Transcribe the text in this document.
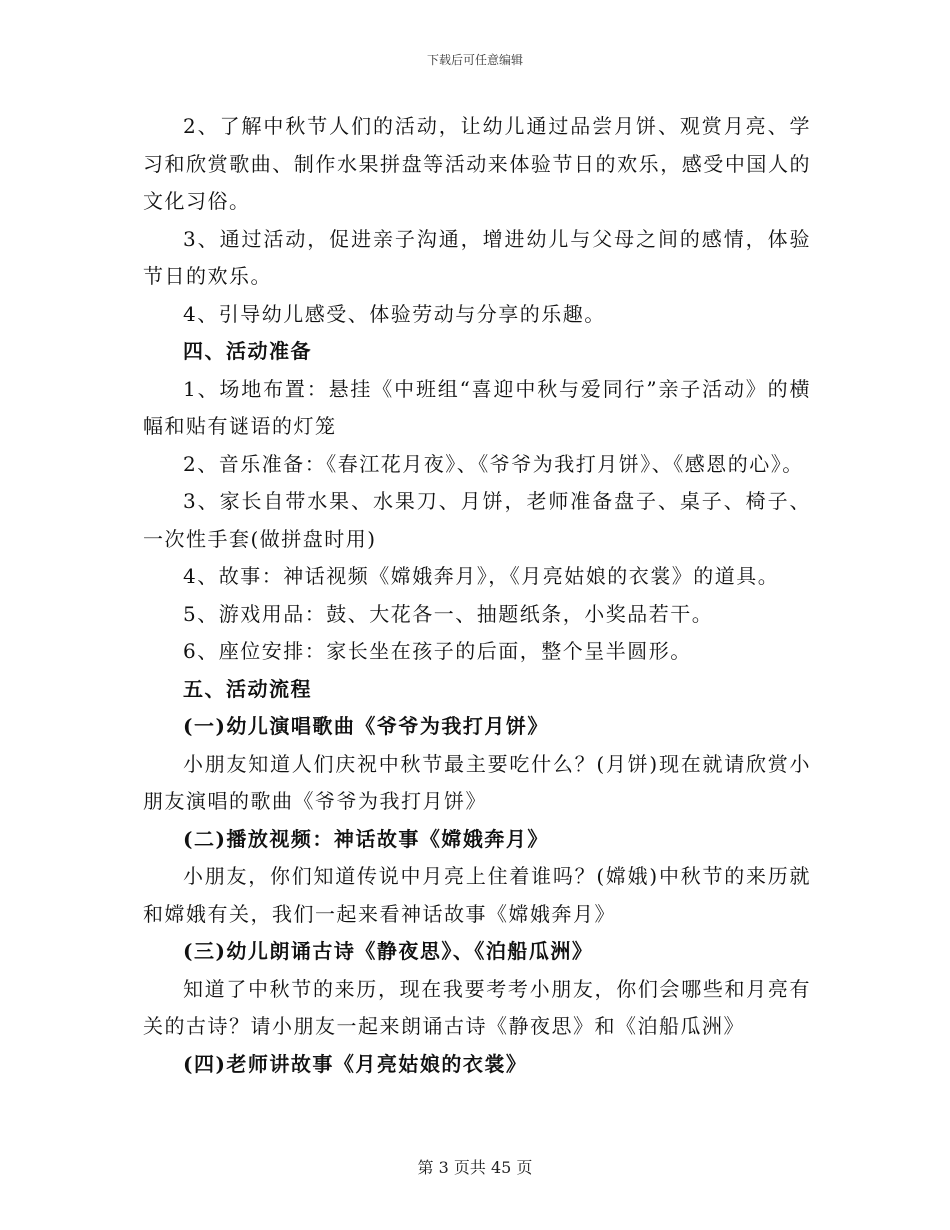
下载后可任意编辑

2、了解中秋节人们的活动，让幼儿通过品尝月饼、观赏月亮、学习和欣赏歌曲、制作水果拼盘等活动来体验节日的欢乐，感受中国人的文化习俗。

3、通过活动，促进亲子沟通，增进幼儿与父母之间的感情，体验节日的欢乐。

4、引导幼儿感受、体验劳动与分享的乐趣。

四、活动准备

1、场地布置：悬挂《中班组“喜迎中秋与爱同行”亲子活动》的横幅和贴有谜语的灯笼

2、音乐准备：《春江花月夜》、《爷爷为我打月饼》、《感恩的心》。

3、家长自带水果、水果刀、月饼，老师准备盘子、桌子、椅子、一次性手套(做拼盘时用)

4、故事：神话视频《嫦娥奔月》，《月亮姑娘的衣裳》的道具。

5、游戏用品：鼓、大花各一、抽题纸条，小奖品若干。

6、座位安排：家长坐在孩子的后面，整个呈半圆形。

五、活动流程

(一)幼儿演唱歌曲《爷爷为我打月饼》

小朋友知道人们庆祝中秋节最主要吃什么？(月饼)现在就请欣赏小朋友演唱的歌曲《爷爷为我打月饼》

(二)播放视频：神话故事《嫦娥奔月》

小朋友，你们知道传说中月亮上住着谁吗？(嫦娥)中秋节的来历就和嫦娥有关，我们一起来看神话故事《嫦娥奔月》

(三)幼儿朗诵古诗《静夜思》、《泊船瓜洲》

知道了中秋节的来历，现在我要考考小朋友，你们会哪些和月亮有关的古诗？请小朋友一起来朗诵古诗《静夜思》和《泊船瓜洲》

(四)老师讲故事《月亮姑娘的衣裳》

第 3 页共 45 页
